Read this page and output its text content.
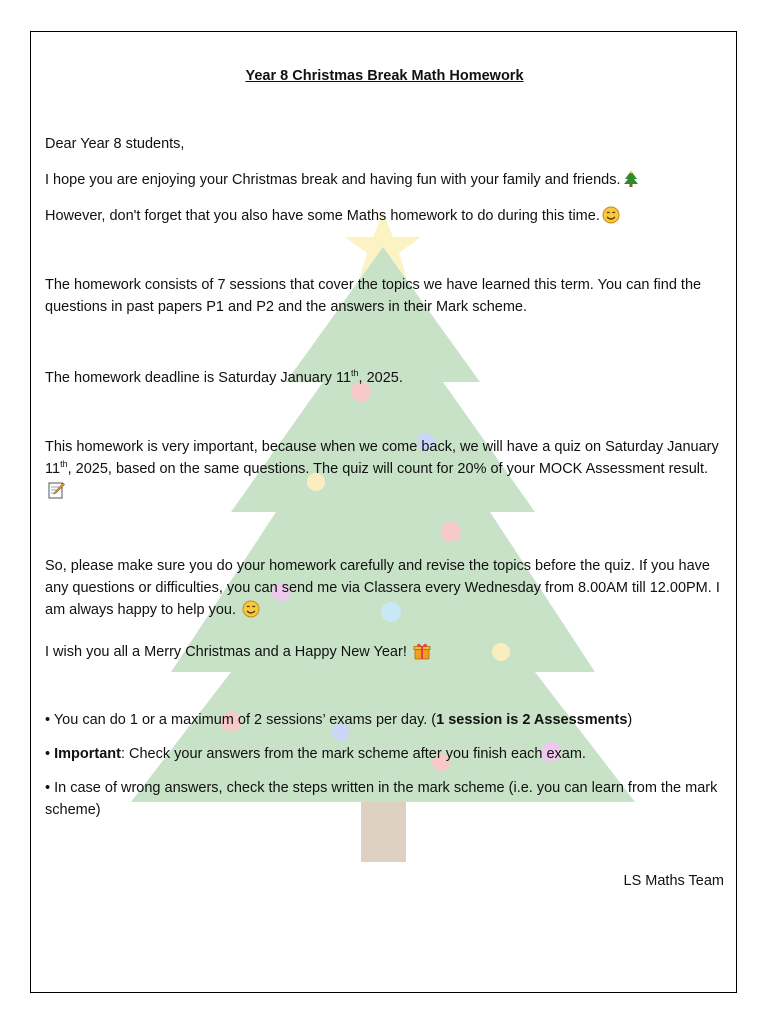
Year 8 Christmas Break Math Homework

Dear Year 8 students,

I hope you are enjoying your Christmas break and having fun with your family and friends.

However, don't forget that you also have some Maths homework to do during this time.

The homework consists of 7 sessions that cover the topics we have learned this term. You can find the questions in past papers P1 and P2 and the answers in their Mark scheme.

The homework deadline is Saturday January 11th, 2025.

This homework is very important, because when we come back, we will have a quiz on Saturday January 11th, 2025, based on the same questions. The quiz will count for 20% of your MOCK Assessment result.

So, please make sure you do your homework carefully and revise the topics before the quiz. If you have any questions or difficulties, you can send me via Classera every Wednesday from 8.00AM till 12.00PM. I am always happy to help you.

I wish you all a Merry Christmas and a Happy New Year!

• You can do 1 or a maximum of 2 sessions’ exams per day. (1 session is 2 Assessments)

• Important: Check your answers from the mark scheme after you finish each exam.

• In case of wrong answers, check the steps written in the mark scheme (i.e. you can learn from the mark scheme)

LS Maths Team
